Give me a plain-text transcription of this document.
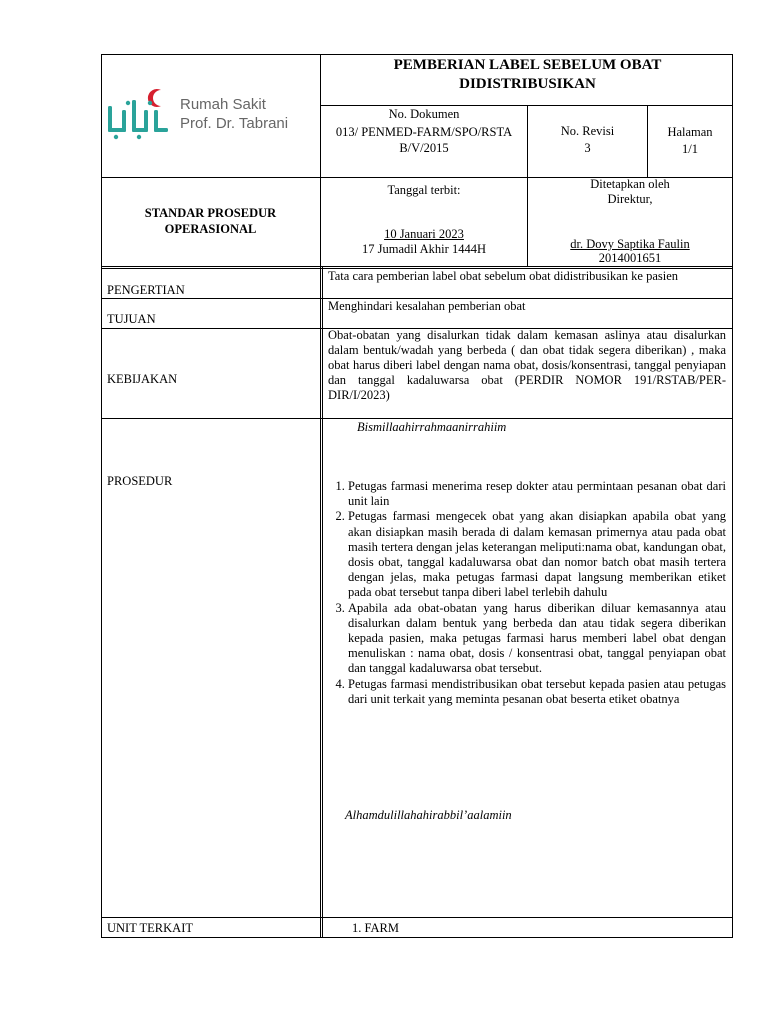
Rumah Sakit
Prof. Dr. Tabrani
PEMBERIAN LABEL SEBELUM OBAT DIDISTRIBUSIKAN
No. Dokumen
013/ PENMED-FARM/SPO/RSTA B/V/2015
No. Revisi
3
Halaman
1/1
STANDAR PROSEDUR OPERASIONAL
Tanggal terbit:
10 Januari 2023
17 Jumadil Akhir 1444H
Ditetapkan oleh Direktur,
dr. Dovy Saptika Faulin
2014001651
PENGERTIAN
Tata cara pemberian label obat sebelum obat didistribusikan ke pasien
TUJUAN
Menghindari kesalahan pemberian obat
KEBIJAKAN
Obat-obatan yang disalurkan tidak dalam kemasan aslinya atau disalurkan dalam bentuk/wadah yang berbeda ( dan obat tidak segera diberikan) , maka obat harus diberi label dengan nama obat, dosis/konsentrasi, tanggal penyiapan dan tanggal kadaluwarsa obat (PERDIR NOMOR 191/RSTAB/PER-DIR/I/2023)
PROSEDUR
Bismillaahirrahmaanirrahiim
1. Petugas farmasi menerima resep dokter atau permintaan pesanan obat dari unit lain
2. Petugas farmasi mengecek obat yang akan disiapkan apabila obat yang akan disiapkan masih berada di dalam kemasan primernya atau pada obat masih tertera dengan jelas keterangan meliputi:nama obat, kandungan obat, dosis obat, tanggal kadaluwarsa obat dan nomor batch obat masih tertera dengan jelas, maka petugas farmasi dapat langsung memberikan etiket pada obat tersebut tanpa diberi label terlebih dahulu
3. Apabila ada obat-obatan yang harus diberikan diluar kemasannya atau disalurkan dalam bentuk yang berbeda dan atau tidak segera diberikan kepada pasien, maka petugas farmasi harus memberi label obat dengan menuliskan : nama obat, dosis / konsentrasi obat, tanggal penyiapan obat dan tanggal kadaluwarsa obat tersebut.
4. Petugas farmasi mendistribusikan obat tersebut kepada pasien atau petugas dari unit terkait yang meminta pesanan obat beserta etiket obatnya
Alhamdulillahahirabbil’aalamiin
UNIT TERKAIT	1. FARM
